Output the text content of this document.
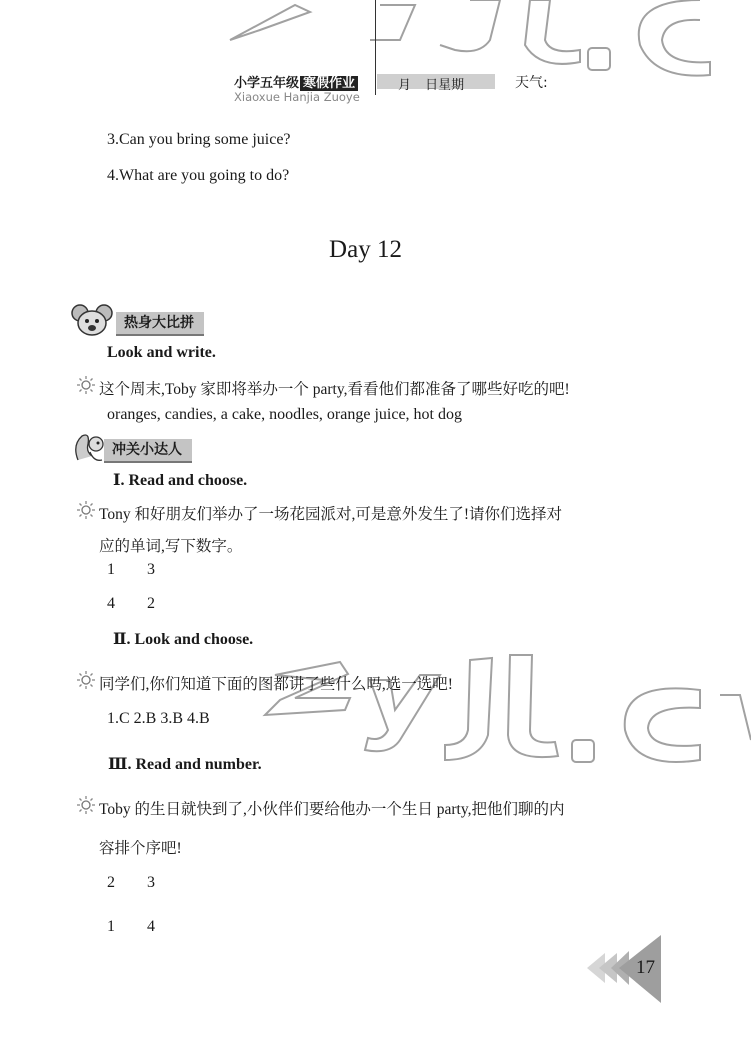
小学五年级 寒假作业	月 日星期	天气:
Xiaoxue Hanjia Zuoye
3.Can you bring some juice?
4.What are you going to do?
Day 12
热身大比拼
Look and write.
这个周末,Toby 家即将举办一个 party,看看他们都准备了哪些好吃的吧!
oranges, candies, a cake, noodles, orange juice, hot dog
冲关小达人
Ⅰ. Read and choose.
Tony 和好朋友们举办了一场花园派对,可是意外发生了!请你们选择对
应的单词,写下数字。
1 3
4 2
Ⅱ. Look and choose.
同学们,你们知道下面的图都讲了些什么吗,选一选吧!
1.C 2.B 3.B 4.B
Ⅲ. Read and number.
Toby 的生日就快到了,小伙伴们要给他办一个生日 party,把他们聊的内
容排个序吧!
2 3
1 4
17
